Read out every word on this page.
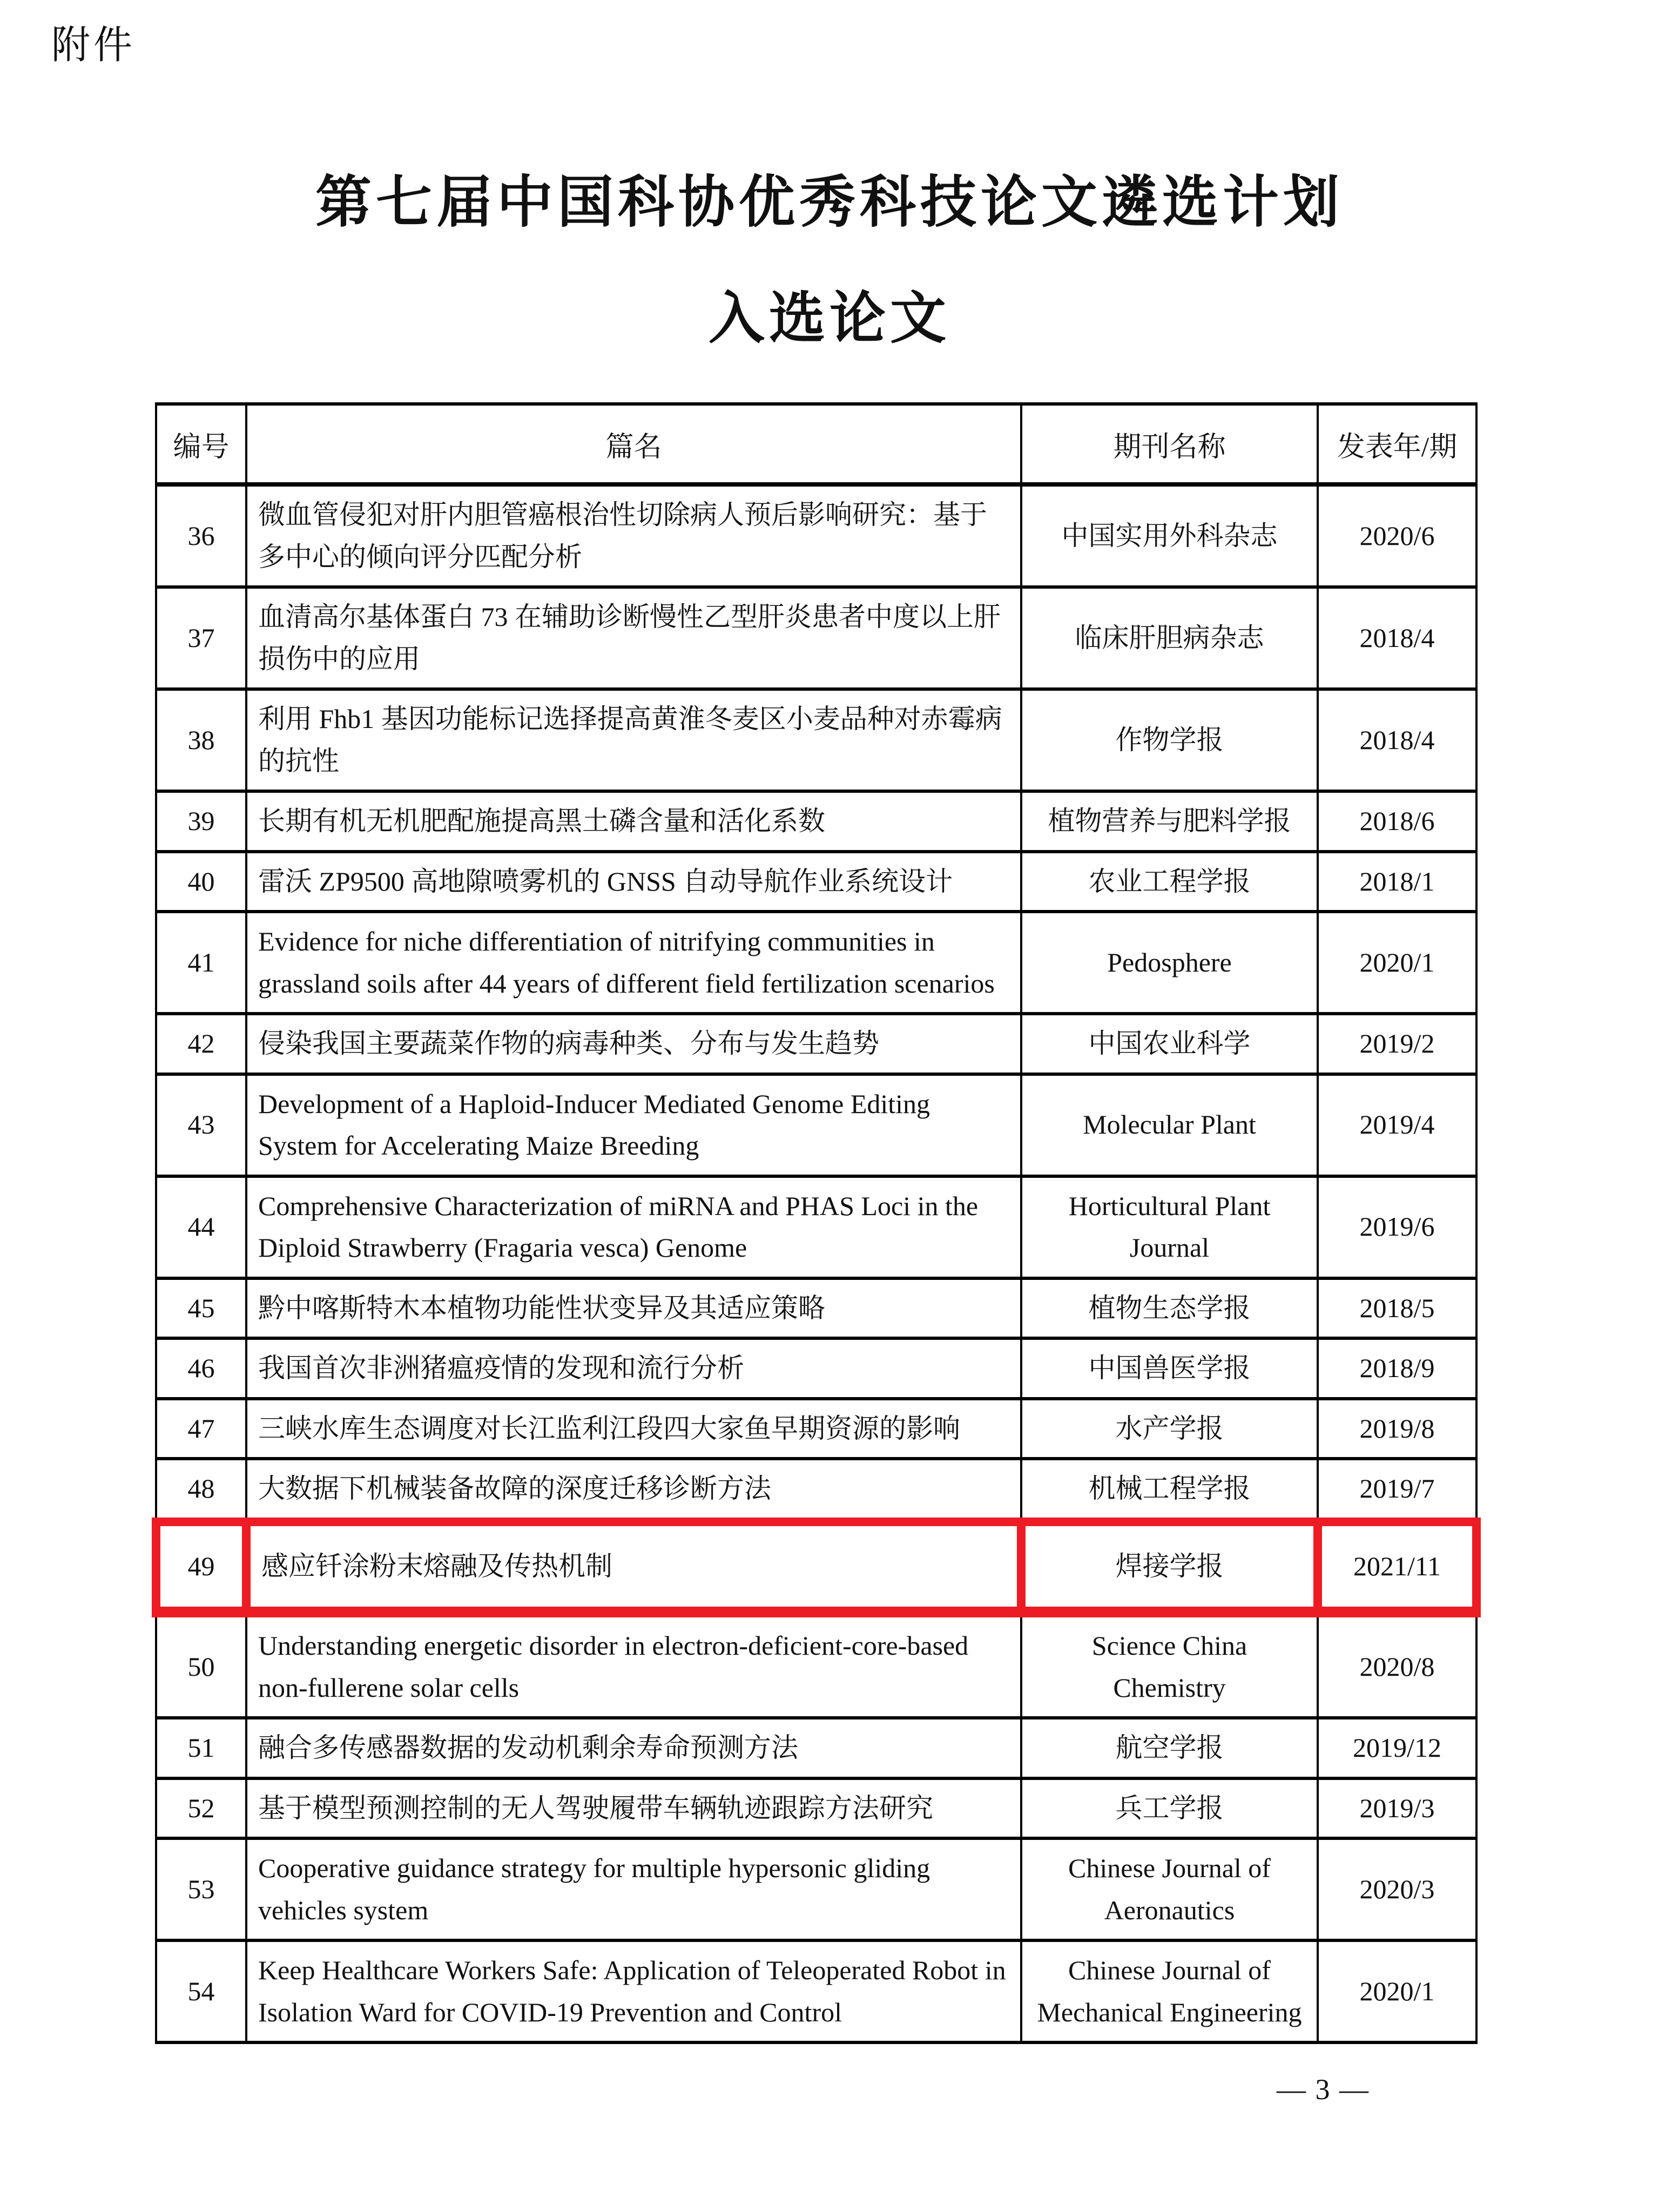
附件
第七届中国科协优秀科技论文遴选计划
入选论文
编号	篇名	期刊名称	发表年/期
36	微血管侵犯对肝内胆管癌根治性切除病人预后影响研究：基于多中心的倾向评分匹配分析	中国实用外科杂志	2020/6
37	血清高尔基体蛋白 73 在辅助诊断慢性乙型肝炎患者中度以上肝损伤中的应用	临床肝胆病杂志	2018/4
38	利用 Fhb1 基因功能标记选择提高黄淮冬麦区小麦品种对赤霉病的抗性	作物学报	2018/4
39	长期有机无机肥配施提高黑土磷含量和活化系数	植物营养与肥料学报	2018/6
40	雷沃 ZP9500 高地隙喷雾机的 GNSS 自动导航作业系统设计	农业工程学报	2018/1
41	Evidence for niche differentiation of nitrifying communities in grassland soils after 44 years of different field fertilization scenarios	Pedosphere	2020/1
42	侵染我国主要蔬菜作物的病毒种类、分布与发生趋势	中国农业科学	2019/2
43	Development of a Haploid-Inducer Mediated Genome Editing System for Accelerating Maize Breeding	Molecular Plant	2019/4
44	Comprehensive Characterization of miRNA and PHAS Loci in the Diploid Strawberry (Fragaria vesca) Genome	Horticultural Plant Journal	2019/6
45	黔中喀斯特木本植物功能性状变异及其适应策略	植物生态学报	2018/5
46	我国首次非洲猪瘟疫情的发现和流行分析	中国兽医学报	2018/9
47	三峡水库生态调度对长江监利江段四大家鱼早期资源的影响	水产学报	2019/8
48	大数据下机械装备故障的深度迁移诊断方法	机械工程学报	2019/7
49	感应钎涂粉末熔融及传热机制	焊接学报	2021/11
50	Understanding energetic disorder in electron-deficient-core-based non-fullerene solar cells	Science China Chemistry	2020/8
51	融合多传感器数据的发动机剩余寿命预测方法	航空学报	2019/12
52	基于模型预测控制的无人驾驶履带车辆轨迹跟踪方法研究	兵工学报	2019/3
53	Cooperative guidance strategy for multiple hypersonic gliding vehicles system	Chinese Journal of Aeronautics	2020/3
54	Keep Healthcare Workers Safe: Application of Teleoperated Robot in Isolation Ward for COVID-19 Prevention and Control	Chinese Journal of Mechanical Engineering	2020/1
— 3 —
